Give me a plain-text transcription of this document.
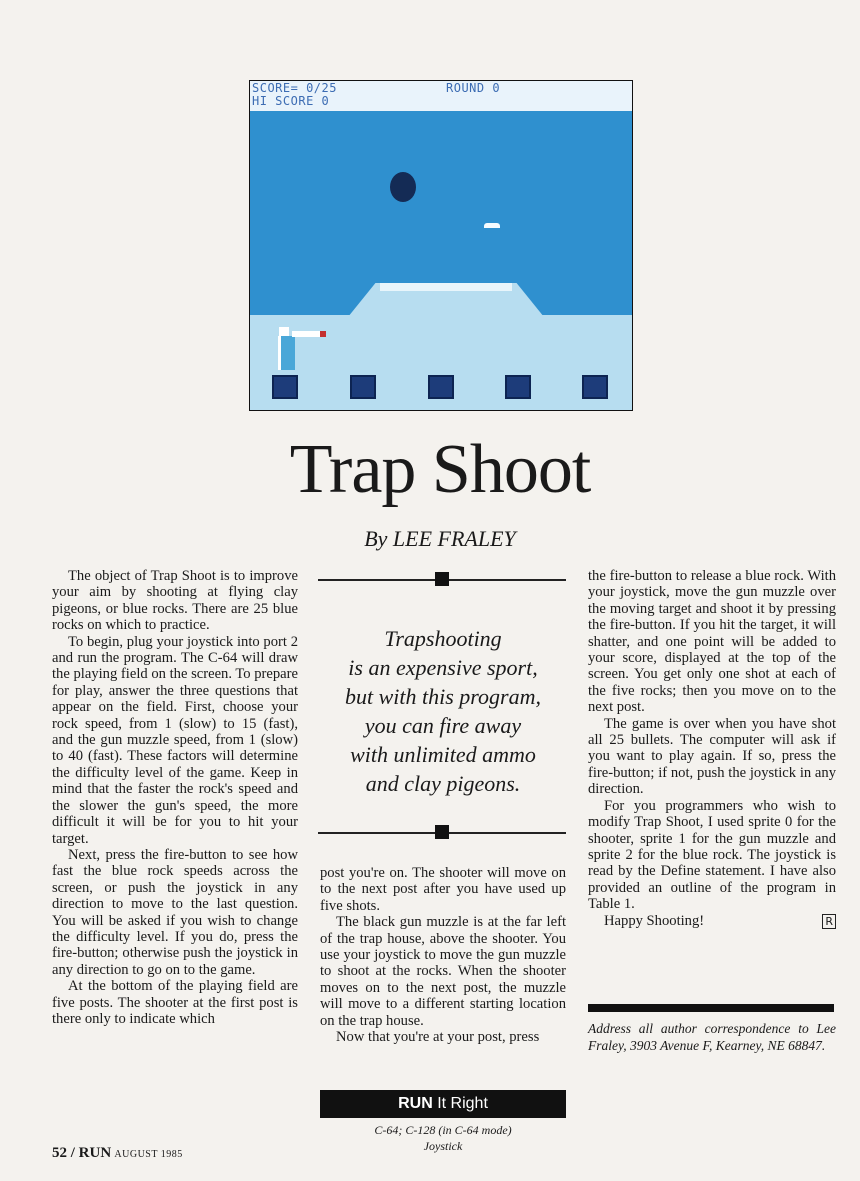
SCORE= 0/25
HI SCORE 0
ROUND 0
Trap Shoot
By LEE FRALEY

The object of Trap Shoot is to improve your aim by shooting at flying clay pigeons, or blue rocks. There are 25 blue rocks on which to practice.

To begin, plug your joystick into port 2 and run the program. The C-64 will draw the playing field on the screen. To prepare for play, answer the three questions that appear on the field. First, choose your rock speed, from 1 (slow) to 15 (fast), and the gun muzzle speed, from 1 (slow) to 40 (fast). These factors will determine the difficulty level of the game. Keep in mind that the faster the rock's speed and the slower the gun's speed, the more difficult it will be for you to hit your target.

Next, press the fire-button to see how fast the blue rock speeds across the screen, or push the joystick in any direction to move to the last question. You will be asked if you wish to change the difficulty level. If you do, press the fire-button; otherwise push the joystick in any direction to go on to the game.

At the bottom of the playing field are five posts. The shooter at the first post is there only to indicate which

Trapshooting
is an expensive sport,
but with this program,
you can fire away
with unlimited ammo
and clay pigeons.

post you're on. The shooter will move on to the next post after you have used up five shots.

The black gun muzzle is at the far left of the trap house, above the shooter. You use your joystick to move the gun muzzle to shoot at the rocks. When the shooter moves on to the next post, the muzzle will move to a different starting location on the trap house.

Now that you're at your post, press

the fire-button to release a blue rock. With your joystick, move the gun muzzle over the moving target and shoot it by pressing the fire-button. If you hit the target, it will shatter, and one point will be added to your score, displayed at the top of the screen. You get only one shot at each of the five rocks; then you move on to the next post.

The game is over when you have shot all 25 bullets. The computer will ask if you want to play again. If so, press the fire-button; if not, push the joystick in any direction.

For you programmers who wish to modify Trap Shoot, I used sprite 0 for the shooter, sprite 1 for the gun muzzle and sprite 2 for the blue rock. The joystick is read by the Define statement. I have also provided an outline of the program in Table 1.

Happy Shooting!	R

Address all author correspondence to Lee Fraley, 3903 Avenue F, Kearney, NE 68847.
RUN It Right
C-64; C-128 (in C-64 mode)
Joystick
52 / RUN AUGUST 1985
